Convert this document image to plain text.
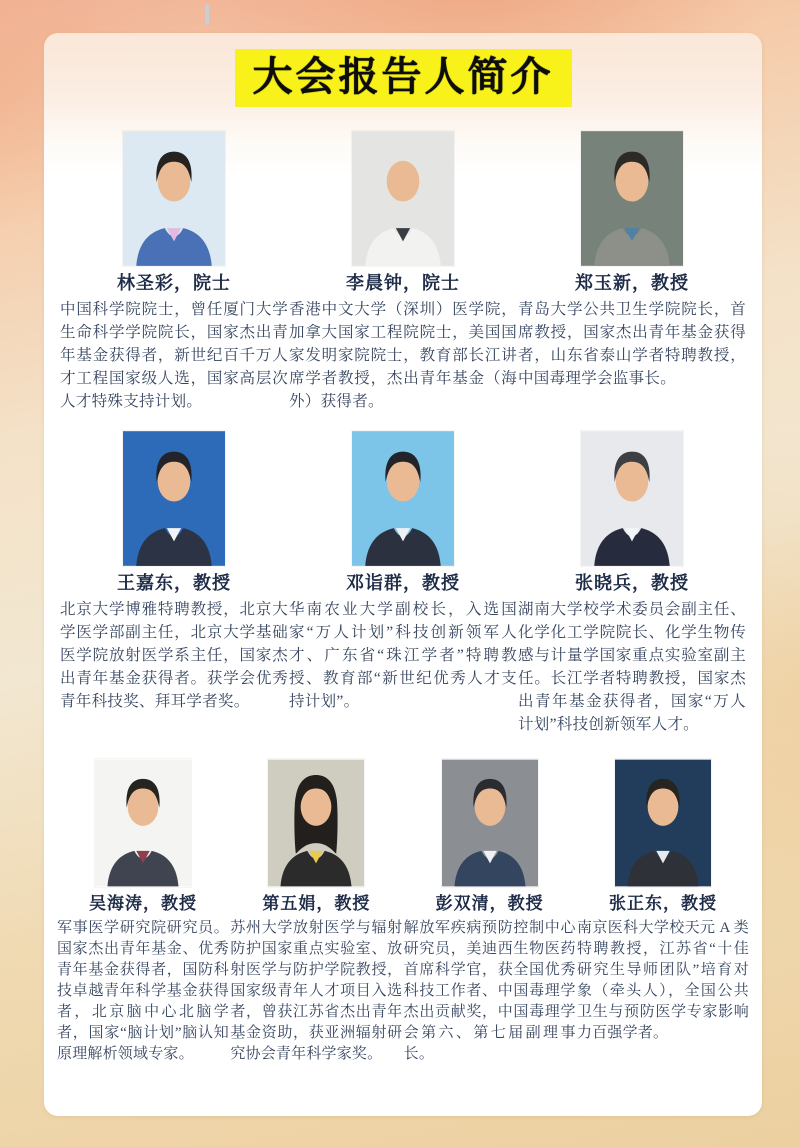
大会报告人简介
林圣彩，院士
中国科学院院士，曾任厦门大学生命科学学院院长，国家杰出青年基金获得者，新世纪百千万人才工程国家级人选，国家高层次人才特殊支持计划。
李晨钟，院士
香港中文大学（深圳）医学院，加拿大国家工程院院士，美国国家发明家院院士，教育部长江讲席学者教授，杰出青年基金（海外）获得者。
郑玉新，教授
青岛大学公共卫生学院院长，首席教授，国家杰出青年基金获得者，山东省泰山学者特聘教授，中国毒理学会监事长。
王嘉东，教授
北京大学博雅特聘教授，北京大学医学部副主任，北京大学基础医学院放射医学系主任，国家杰出青年基金获得者。获学会优秀青年科技奖、拜耳学者奖。
邓诣群，教授
华南农业大学副校长，入选国家“万人计划”科技创新领军人才、广东省“珠江学者”特聘教授、教育部“新世纪优秀人才支持计划”。
张晓兵，教授
湖南大学校学术委员会副主任、化学化工学院院长、化学生物传感与计量学国家重点实验室副主任。长江学者特聘教授，国家杰出青年基金获得者，国家“万人计划”科技创新领军人才。
吴海涛，教授
军事医学研究院研究员。国家杰出青年基金、优秀青年基金获得者，国防科技卓越青年科学基金获得者，北京脑中心北脑学者，国家“脑计划”脑认知原理解析领域专家。
第五娟，教授
苏州大学放射医学与辐射防护国家重点实验室、放射医学与防护学院教授，国家级青年人才项目入选者，曾获江苏省杰出青年基金资助，获亚洲辐射研究协会青年科学家奖。
彭双清，教授
解放军疾病预防控制中心研究员，美迪西生物医药首席科学官，获全国优秀科技工作者、中国毒理学杰出贡献奖，中国毒理学会第六、第七届副理事长。
张正东，教授
南京医科大学校天元 A 类特聘教授，江苏省“十佳研究生导师团队”培育对象（牵头人），全国公共卫生与预防医学专家影响力百强学者。
